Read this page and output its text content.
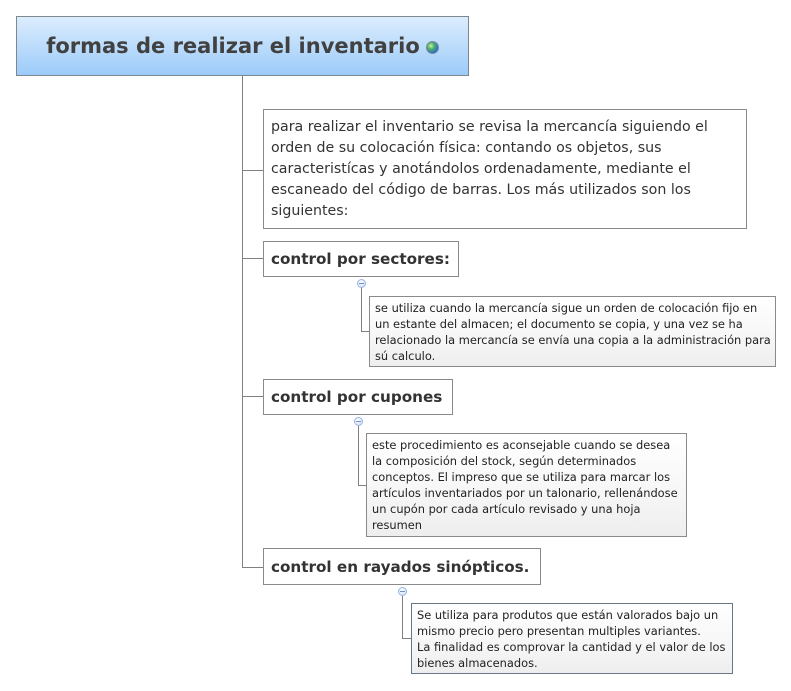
formas de realizar el inventario
para realizar el inventario se revisa la mercancía siguiendo el orden de su colocación física: contando os objetos, sus caracteristícas y anotándolos ordenadamente, mediante el escaneado del código de barras. Los más utilizados son los siguientes:
control por sectores:
se utiliza cuando la mercancía sigue un orden de colocación fijo en un estante del almacen; el documento se copia, y una vez se ha relacionado la mercancía se envía una copia a la administración para sú calculo.
control por cupones
este procedimiento es aconsejable cuando se desea la composición del stock, según determinados conceptos. El impreso que se utiliza para marcar los artículos inventariados por un talonario, rellenándose un cupón por cada artículo revisado y una hoja resumen
control en rayados sinópticos.
Se utiliza para produtos que están valorados bajo un mismo precio pero presentan multiples variantes.            La finalidad es comprovar la cantidad y el valor de los bienes almacenados.
